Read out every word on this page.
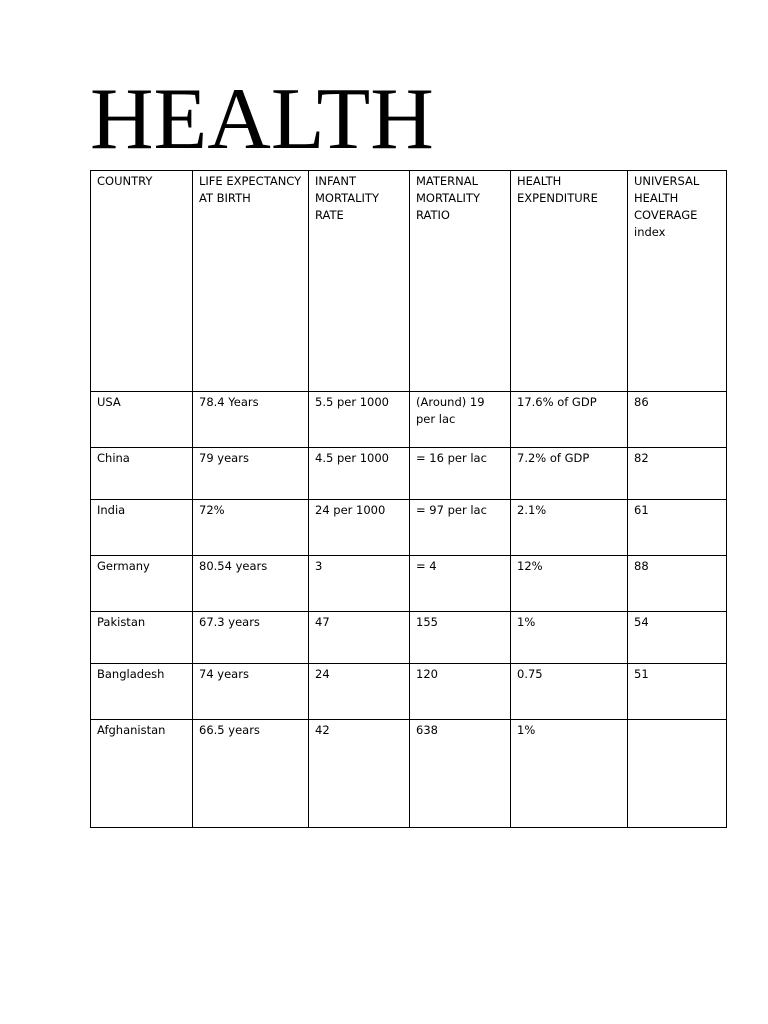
HEALTH
COUNTRY	LIFE EXPECTANCY AT BIRTH	INFANT MORTALITY RATE	MATERNAL MORTALITY RATIO	HEALTH EXPENDITURE	UNIVERSAL HEALTH COVERAGE index
USA	78.4 Years	5.5 per 1000	(Around) 19 per lac	17.6% of GDP	86
China	79 years	4.5 per 1000	= 16 per lac	7.2% of GDP	82
India	72%	24 per 1000	= 97 per lac	2.1%	61
Germany	80.54 years	3	= 4	12%	88
Pakistan	67.3 years	47	155	1%	54
Bangladesh	74 years	24	120	0.75	51
Afghanistan	66.5 years	42	638	1%	
